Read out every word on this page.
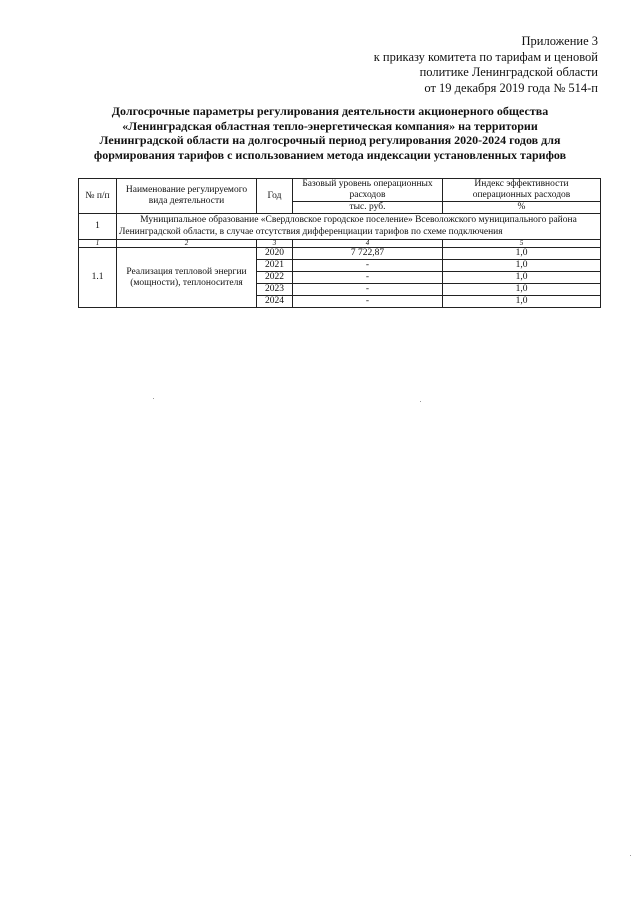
Приложение 3
к приказу комитета по тарифам и ценовой
политике Ленинградской области
от 19 декабря 2019 года № 514-п
Долгосрочные параметры регулирования деятельности акционерного общества
«Ленинградская областная тепло-энергетическая компания» на территории
Ленинградской области на долгосрочный период регулирования 2020-2024 годов для
формирования тарифов с использованием метода индексации установленных тарифов
№ п/п	Наименование регулируемого вида деятельности	Год	Базовый уровень операционных расходов	Индекс эффективности операционных расходов
			тыс. руб.	%
1	Муниципальное образование «Свердловское городское поселение» Всеволожского муниципального района Ленинградской области, в случае отсутствия дифференциации тарифов по схеме подключения			
1	2	3	4	5
1.1	Реализация тепловой энергии (мощности), теплоносителя	2020	7 722,87	1,0
		2021	-	1,0
		2022	-	1,0
		2023	-	1,0
		2024	-	1,0
